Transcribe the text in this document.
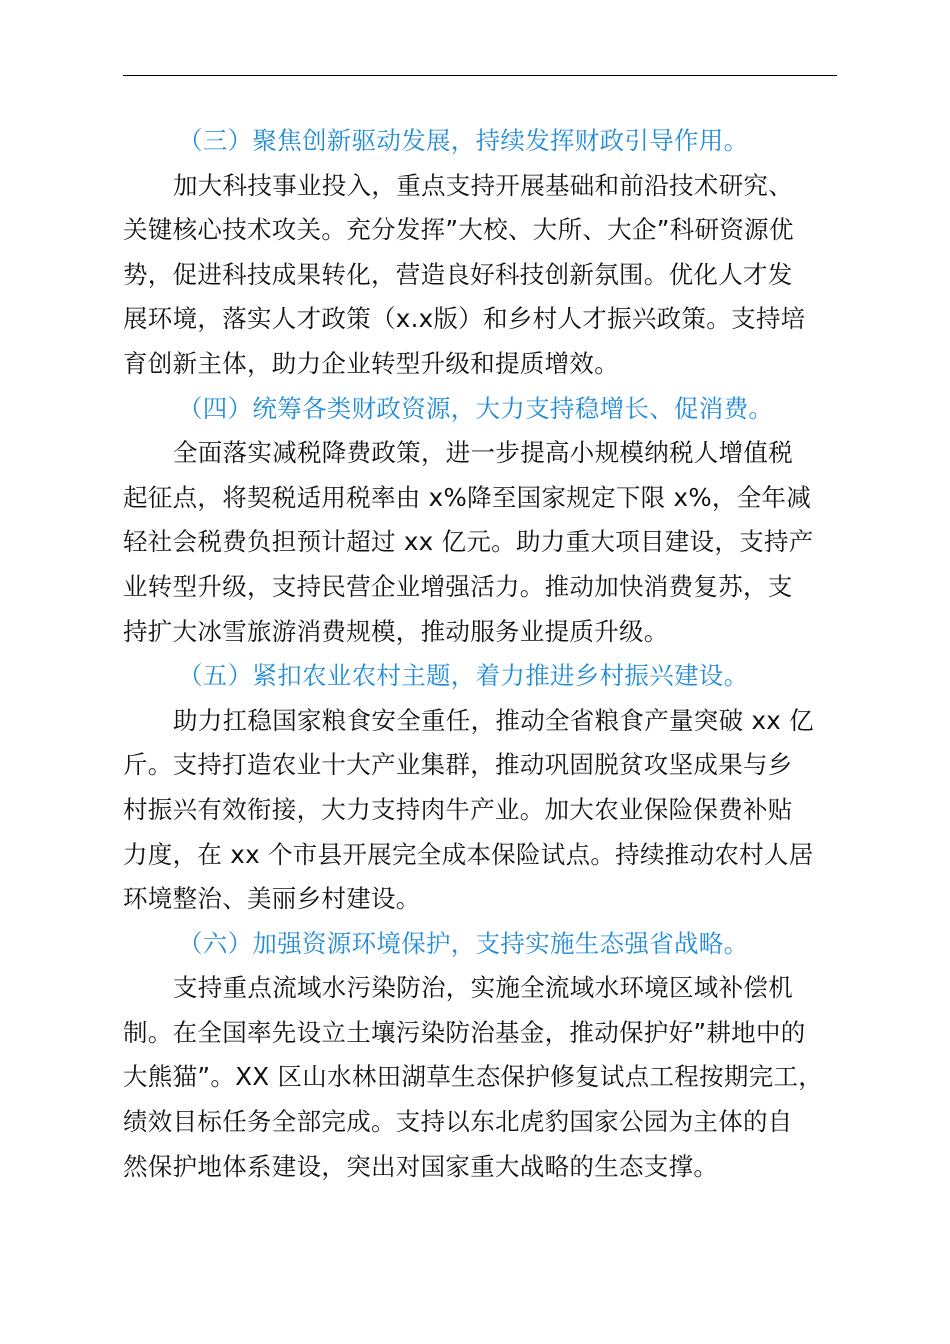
（三）聚焦创新驱动发展，持续发挥财政引导作用。
加大科技事业投入，重点支持开展基础和前沿技术研究、
关键核心技术攻关。充分发挥”大校、大所、大企”科研资源优
势，促进科技成果转化，营造良好科技创新氛围。优化人才发
展环境，落实人才政策（x.x版）和乡村人才振兴政策。支持培
育创新主体，助力企业转型升级和提质增效。
（四）统筹各类财政资源，大力支持稳增长、促消费。
全面落实减税降费政策，进一步提高小规模纳税人增值税
起征点，将契税适用税率由 x%降至国家规定下限 x%，全年减
轻社会税费负担预计超过 xx 亿元。助力重大项目建设，支持产
业转型升级，支持民营企业增强活力。推动加快消费复苏，支
持扩大冰雪旅游消费规模，推动服务业提质升级。
（五）紧扣农业农村主题，着力推进乡村振兴建设。
助力扛稳国家粮食安全重任，推动全省粮食产量突破 xx 亿
斤。支持打造农业十大产业集群，推动巩固脱贫攻坚成果与乡
村振兴有效衔接，大力支持肉牛产业。加大农业保险保费补贴
力度，在 xx 个市县开展完全成本保险试点。持续推动农村人居
环境整治、美丽乡村建设。
（六）加强资源环境保护，支持实施生态强省战略。
支持重点流域水污染防治，实施全流域水环境区域补偿机
制。在全国率先设立土壤污染防治基金，推动保护好”耕地中的
大熊猫”。XX 区山水林田湖草生态保护修复试点工程按期完工，
绩效目标任务全部完成。支持以东北虎豹国家公园为主体的自
然保护地体系建设，突出对国家重大战略的生态支撑。
